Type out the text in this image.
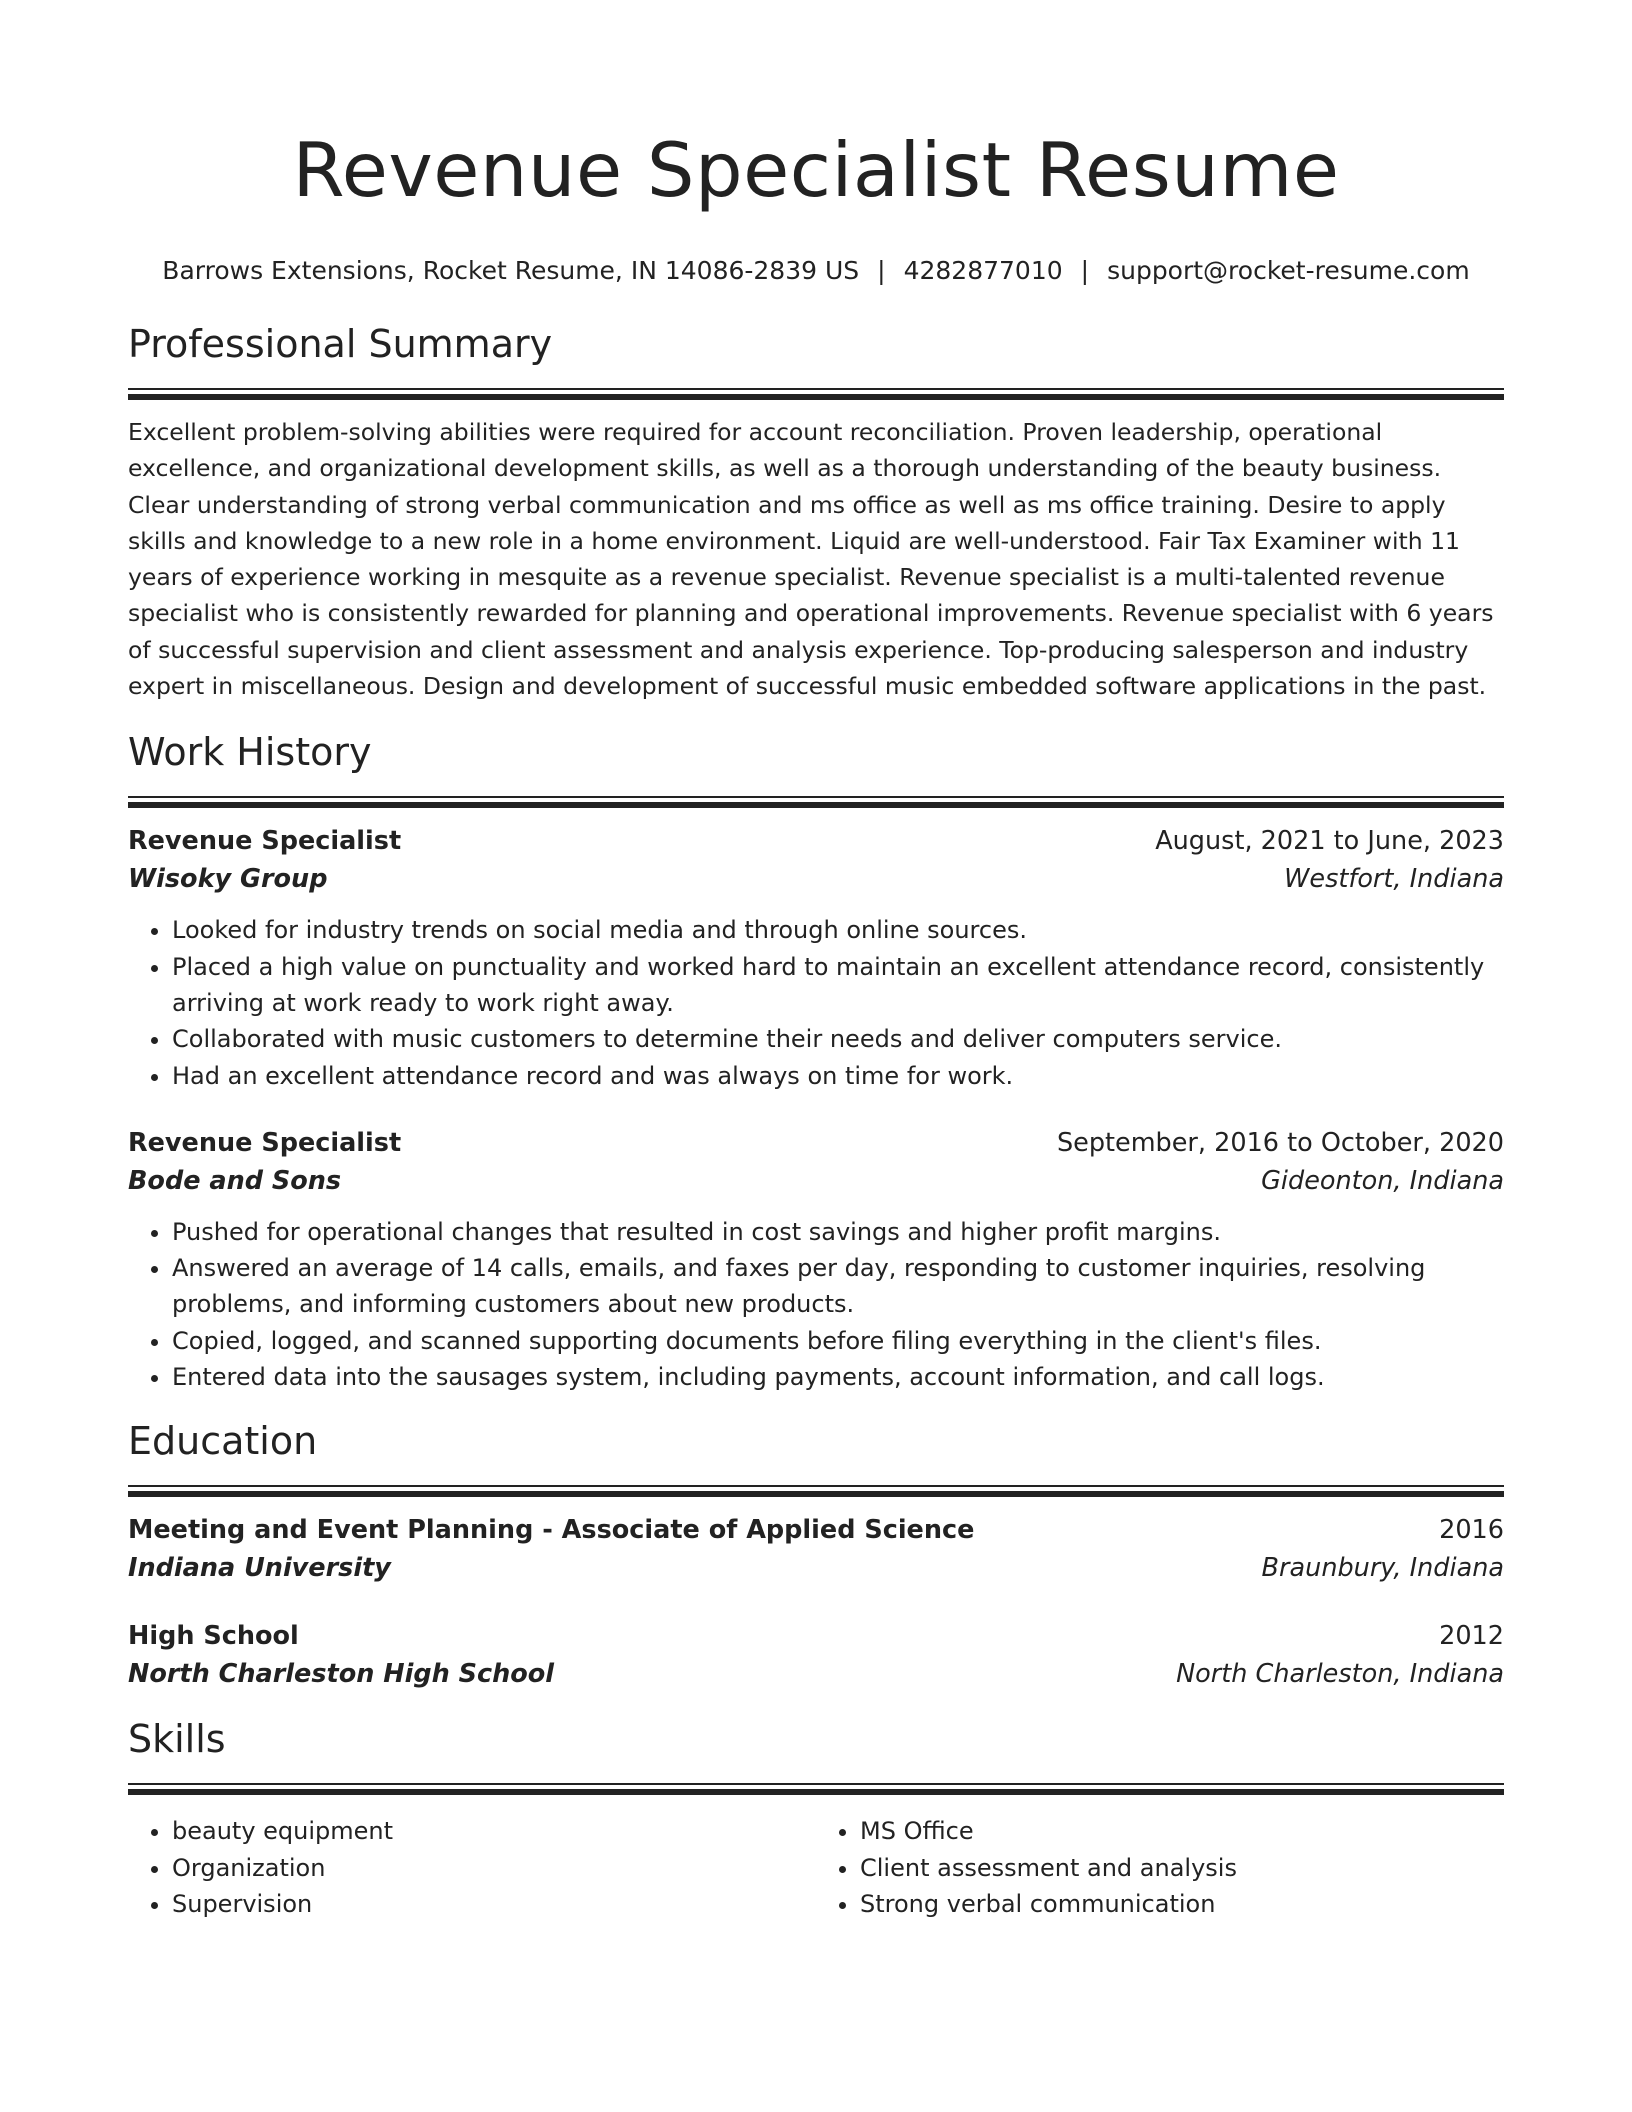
Revenue Specialist Resume
Barrows Extensions, Rocket Resume, IN 14086-2839 US | 4282877010 | support@rocket-resume.com
Professional Summary
Excellent problem-solving abilities were required for account reconciliation. Proven leadership, operational excellence, and organizational development skills, as well as a thorough understanding of the beauty business. Clear understanding of strong verbal communication and ms office as well as ms office training. Desire to apply skills and knowledge to a new role in a home environment. Liquid are well-understood. Fair Tax Examiner with 11 years of experience working in mesquite as a revenue specialist. Revenue specialist is a multi-talented revenue specialist who is consistently rewarded for planning and operational improvements. Revenue specialist with 6 years of successful supervision and client assessment and analysis experience. Top-producing salesperson and industry expert in miscellaneous. Design and development of successful music embedded software applications in the past.
Work History
Revenue Specialist	August, 2021 to June, 2023
Wisoky Group	Westfort, Indiana
• Looked for industry trends on social media and through online sources.
• Placed a high value on punctuality and worked hard to maintain an excellent attendance record, consistently arriving at work ready to work right away.
• Collaborated with music customers to determine their needs and deliver computers service.
• Had an excellent attendance record and was always on time for work.
Revenue Specialist	September, 2016 to October, 2020
Bode and Sons	Gideonton, Indiana
• Pushed for operational changes that resulted in cost savings and higher profit margins.
• Answered an average of 14 calls, emails, and faxes per day, responding to customer inquiries, resolving problems, and informing customers about new products.
• Copied, logged, and scanned supporting documents before filing everything in the client's files.
• Entered data into the sausages system, including payments, account information, and call logs.
Education
Meeting and Event Planning - Associate of Applied Science	2016
Indiana University	Braunbury, Indiana
High School	2012
North Charleston High School	North Charleston, Indiana
Skills
• beauty equipment
• Organization
• Supervision
• MS Office
• Client assessment and analysis
• Strong verbal communication
